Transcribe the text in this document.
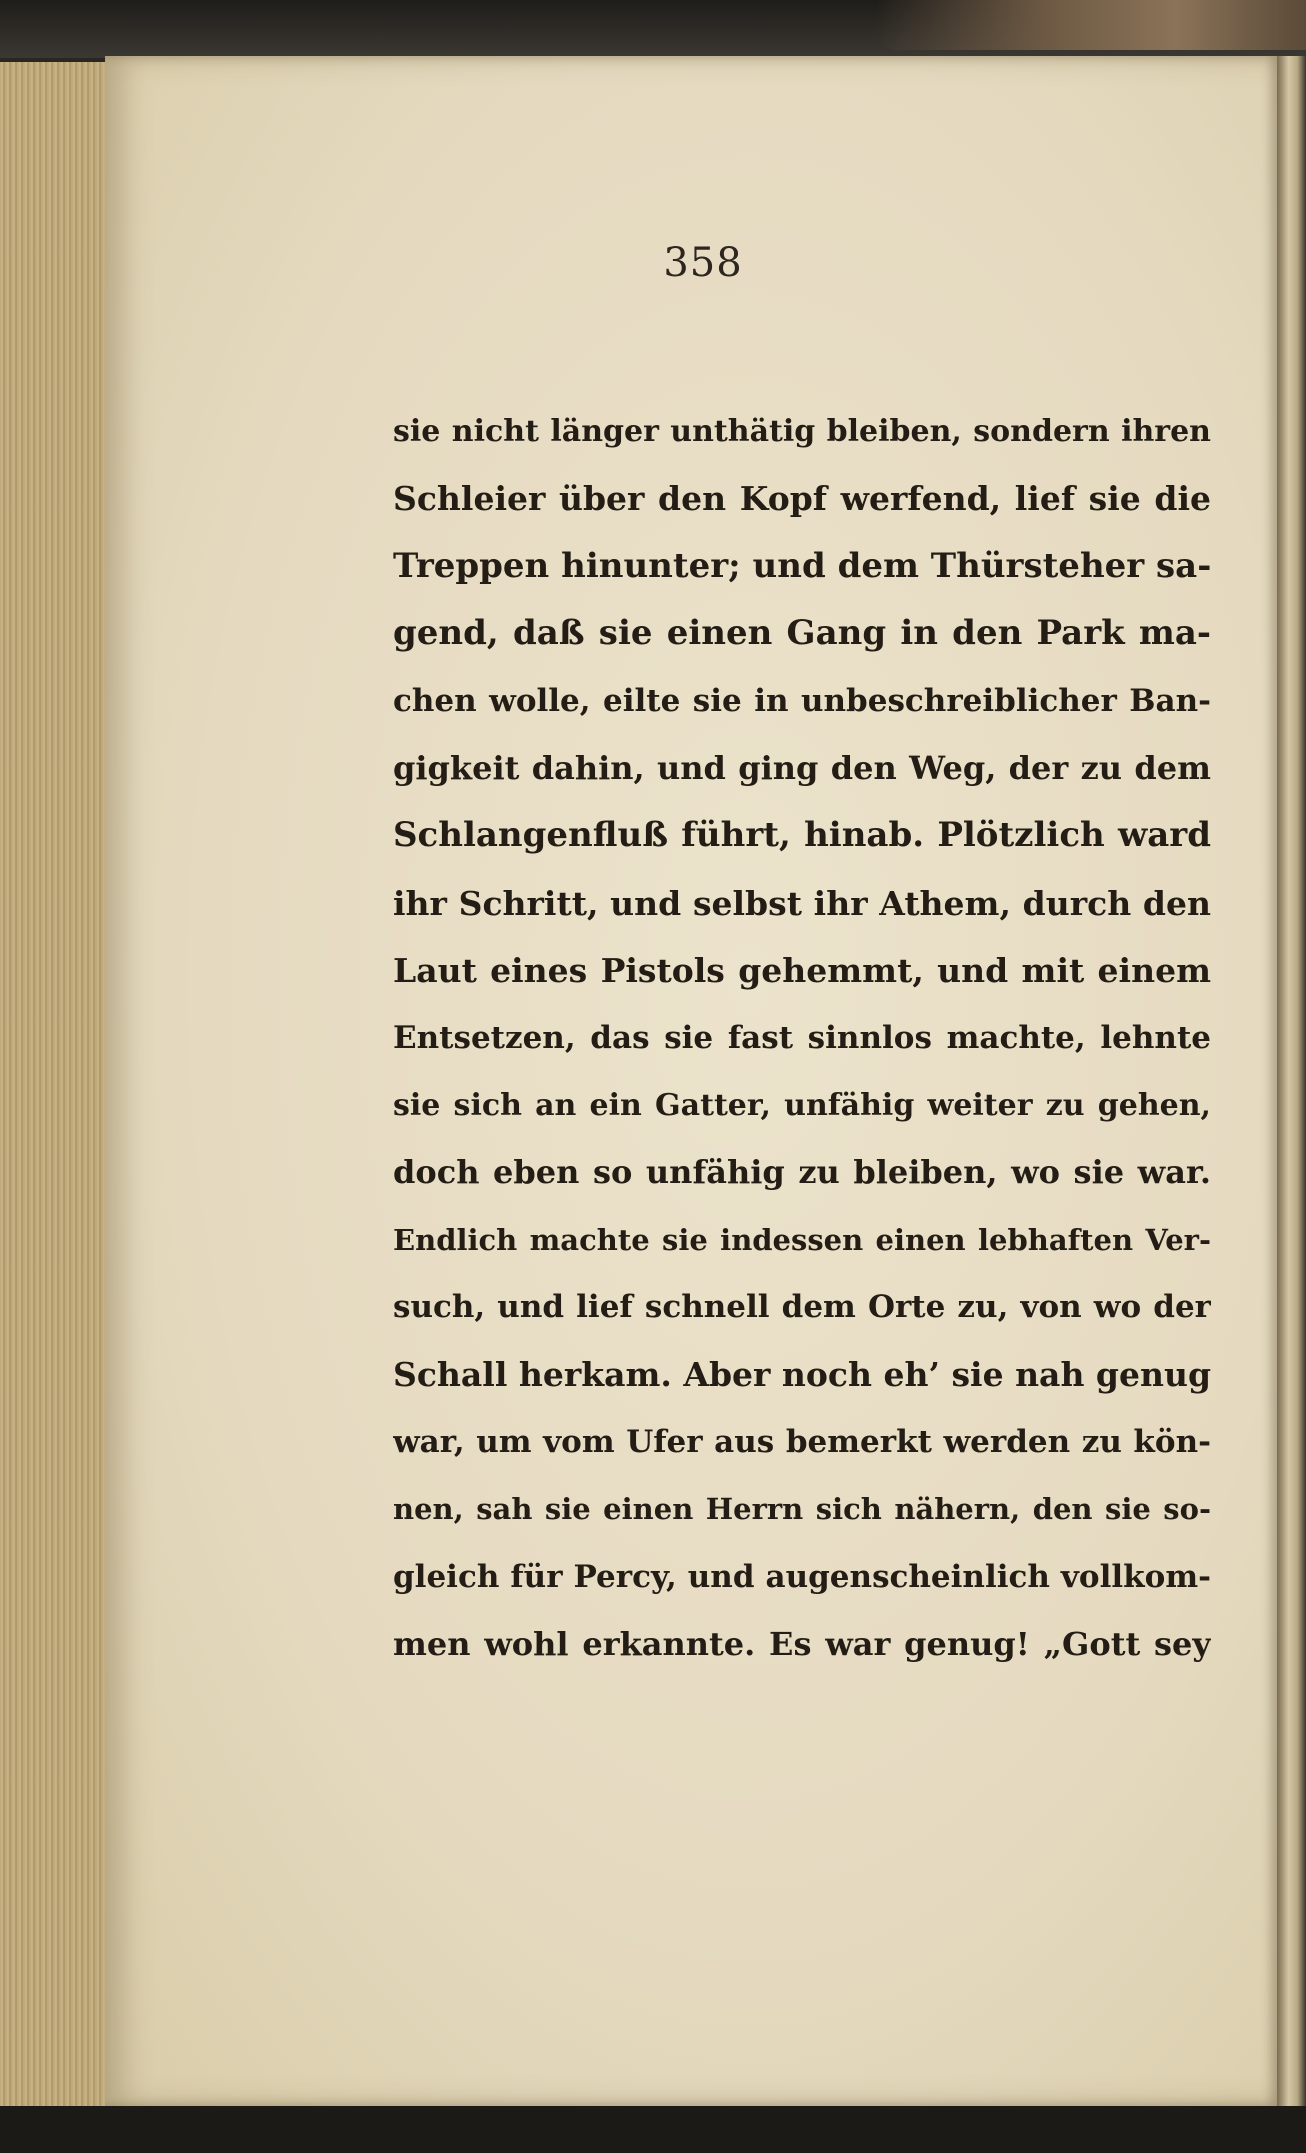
358
sie nicht länger unthätig bleiben, sondern ihren
Schleier über den Kopf werfend, lief sie die
Treppen hinunter; und dem Thürsteher sa-
gend, daß sie einen Gang in den Park ma-
chen wolle, eilte sie in unbeschreiblicher Ban-
gigkeit dahin, und ging den Weg, der zu dem
Schlangenfluß führt, hinab. Plötzlich ward
ihr Schritt, und selbst ihr Athem, durch den
Laut eines Pistols gehemmt, und mit einem
Entsetzen, das sie fast sinnlos machte, lehnte
sie sich an ein Gatter, unfähig weiter zu gehen,
doch eben so unfähig zu bleiben, wo sie war.
Endlich machte sie indessen einen lebhaften Ver-
such, und lief schnell dem Orte zu, von wo der
Schall herkam. Aber noch eh’ sie nah genug
war, um vom Ufer aus bemerkt werden zu kön-
nen, sah sie einen Herrn sich nähern, den sie so-
gleich für Percy, und augenscheinlich vollkom-
men wohl erkannte. Es war genug! „Gott sey
